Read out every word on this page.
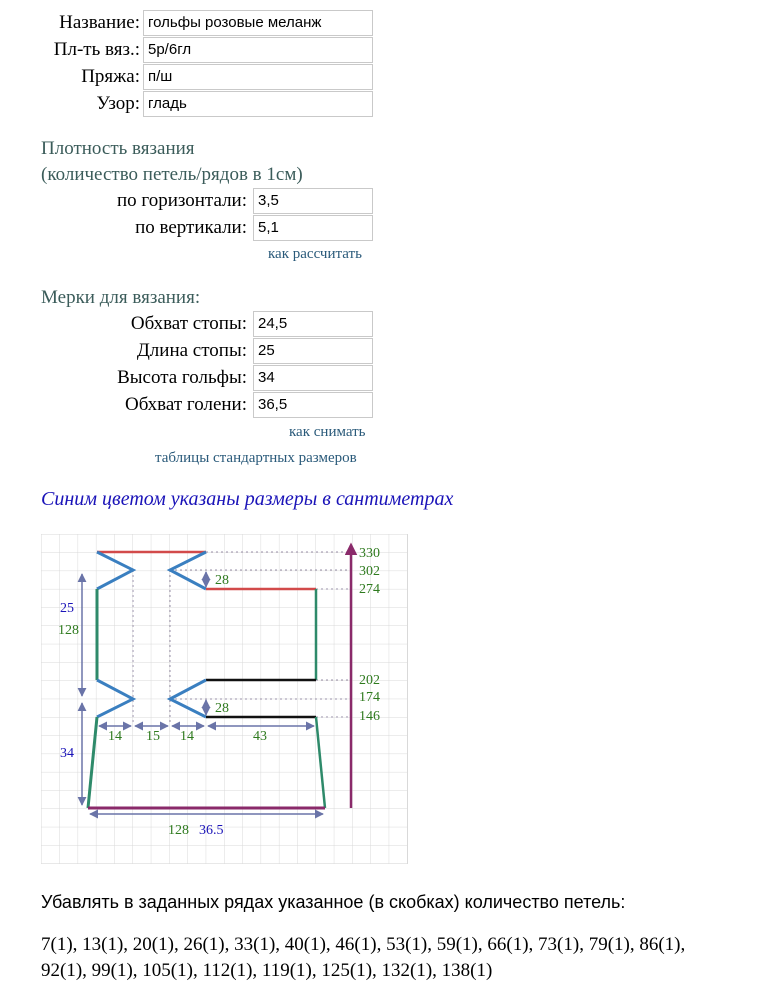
Название: гольфы розовые меланж
Пл-ть вяз.: 5р/6гл
Пряжа: п/ш
Узор: гладь
Плотность вязания
(количество петель/рядов в 1см)
по горизонтали: 3,5
по вертикали: 5,1
как рассчитать
Мерки для вязания:
Обхват стопы: 24,5
Длина стопы: 25
Высота гольфы: 34
Обхват голени: 36,5
как снимать
таблицы стандартных размеров
Синим цветом указаны размеры в сантиметрах
330
302
274
202
174
146
28
28
25
128
34
14 15 14	43
128 36.5
Убавлять в заданных рядах указанное (в скобках) количество петель:
7(1), 13(1), 20(1), 26(1), 33(1), 40(1), 46(1), 53(1), 59(1), 66(1), 73(1), 79(1), 86(1),
92(1), 99(1), 105(1), 112(1), 119(1), 125(1), 132(1), 138(1)
